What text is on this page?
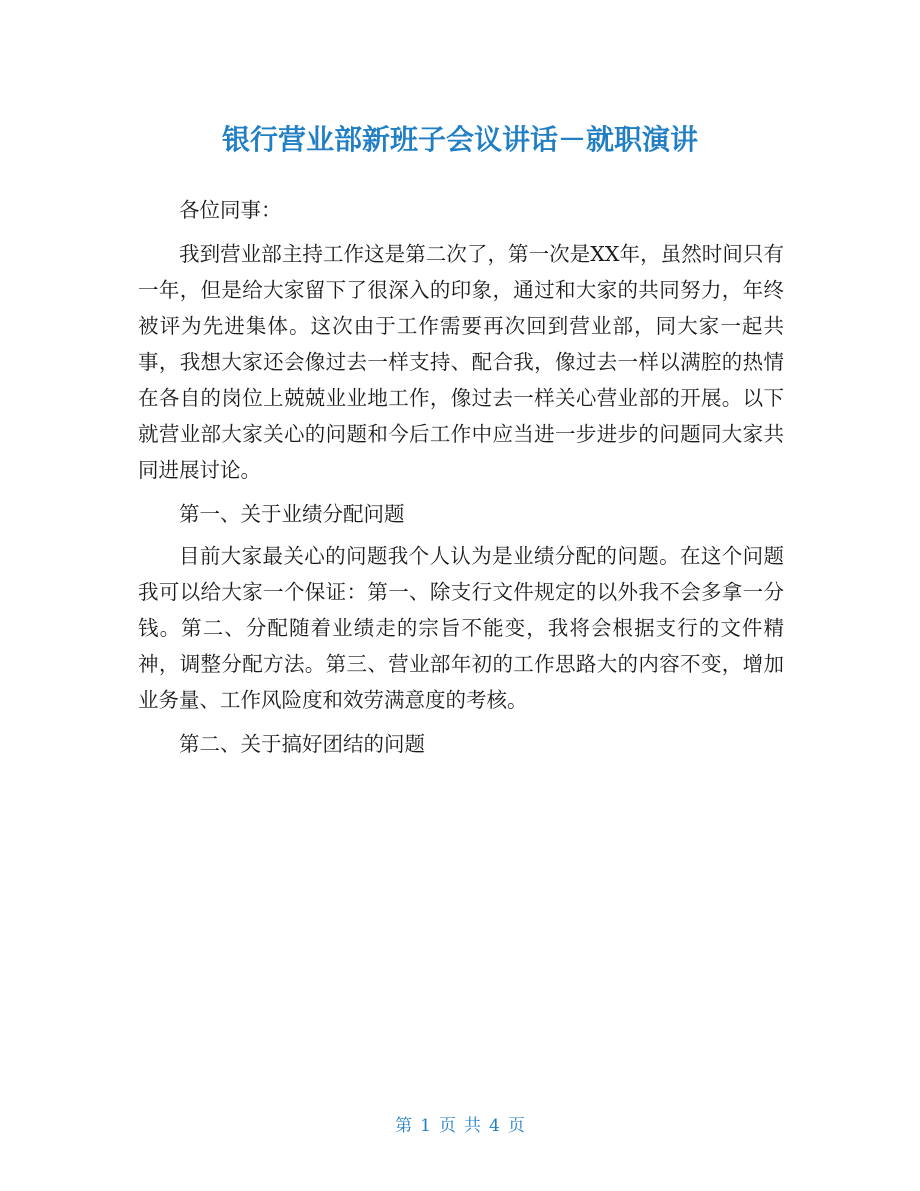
银行营业部新班子会议讲话－就职演讲

各位同事：

我到营业部主持工作这是第二次了，第一次是XX年，虽然时间只有一年，但是给大家留下了很深入的印象，通过和大家的共同努力，年终被评为先进集体。这次由于工作需要再次回到营业部，同大家一起共事，我想大家还会像过去一样支持、配合我，像过去一样以满腔的热情在各自的岗位上兢兢业业地工作，像过去一样关心营业部的开展。以下就营业部大家关心的问题和今后工作中应当进一步进步的问题同大家共同进展讨论。

第一、关于业绩分配问题

目前大家最关心的问题我个人认为是业绩分配的问题。在这个问题我可以给大家一个保证：第一、除支行文件规定的以外我不会多拿一分钱。第二、分配随着业绩走的宗旨不能变，我将会根据支行的文件精神，调整分配方法。第三、营业部年初的工作思路大的内容不变，增加业务量、工作风险度和效劳满意度的考核。

第二、关于搞好团结的问题

第 1 页 共 4 页
